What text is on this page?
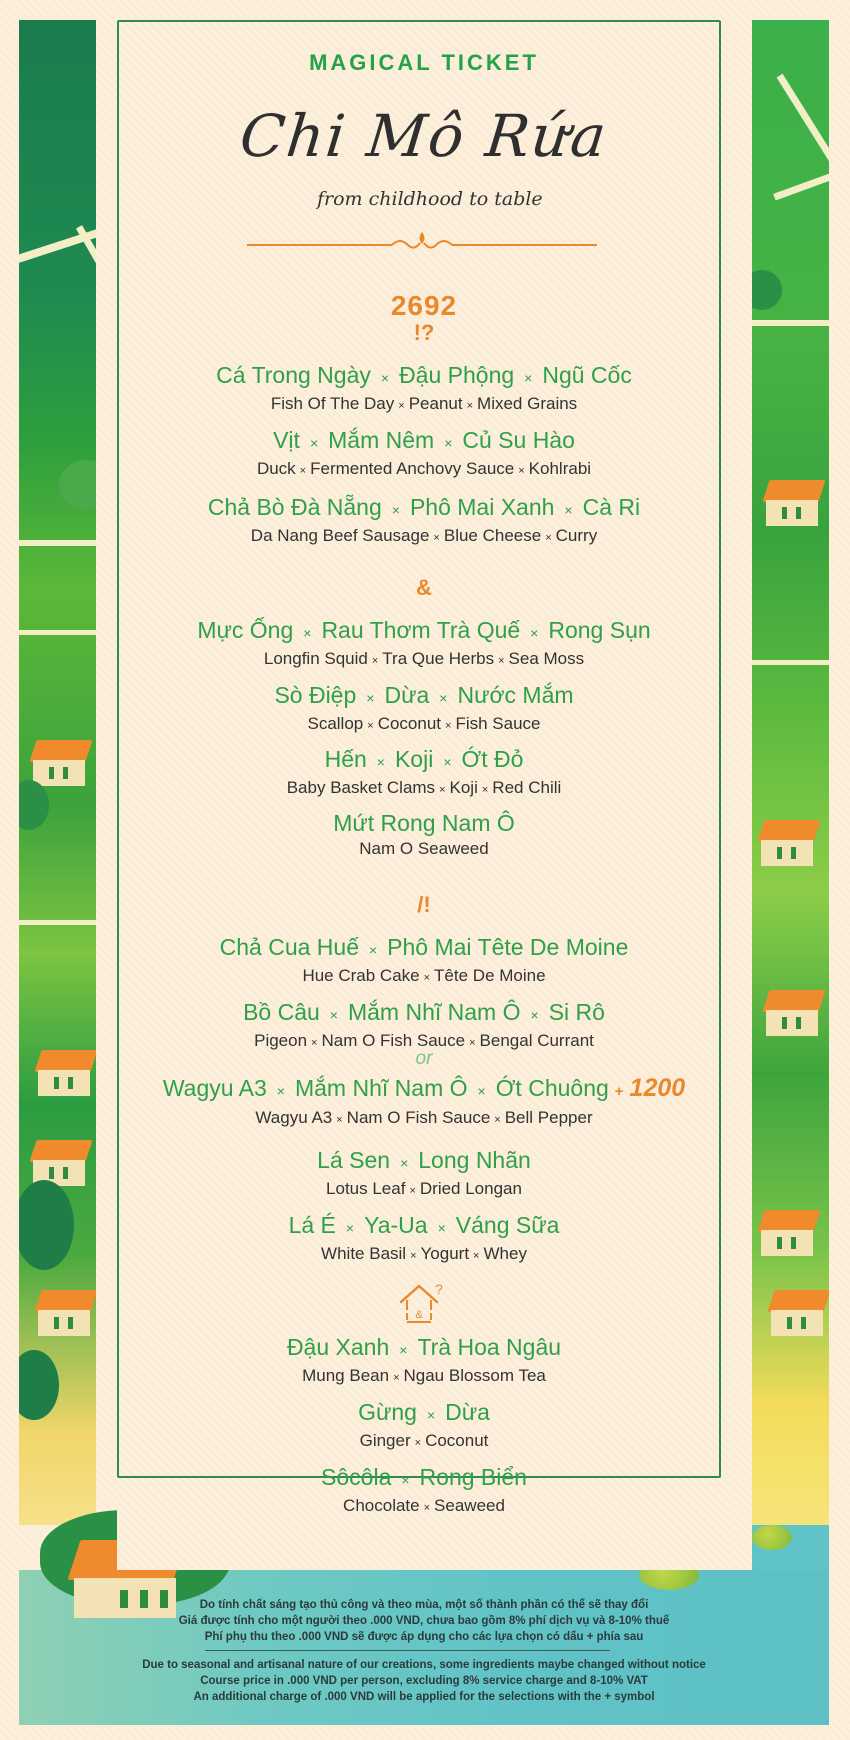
MAGICAL TICKET
Chi Mô Rứa
from childhood to table
2692
!?
Cá Trong Ngày × Đậu Phộng × Ngũ Cốc
Fish Of The Day × Peanut × Mixed Grains
Vịt × Mắm Nêm × Củ Su Hào
Duck × Fermented Anchovy Sauce × Kohlrabi
Chả Bò Đà Nẵng × Phô Mai Xanh × Cà Ri
Da Nang Beef Sausage × Blue Cheese × Curry
&
Mực Ống × Rau Thơm Trà Quế × Rong Sụn
Longfin Squid × Tra Que Herbs × Sea Moss
Sò Điệp × Dừa × Nước Mắm
Scallop × Coconut × Fish Sauce
Hến × Koji × Ớt Đỏ
Baby Basket Clams × Koji × Red Chili
Mứt Rong Nam Ô
Nam O Seaweed
/!
Chả Cua Huế × Phô Mai Tête De Moine
Hue Crab Cake × Tête De Moine
Bồ Câu × Mắm Nhĩ Nam Ô × Si Rô
Pigeon × Nam O Fish Sauce × Bengal Currant
or
Wagyu A3 × Mắm Nhĩ Nam Ô × Ớt Chuông + 1200
Wagyu A3 × Nam O Fish Sauce × Bell Pepper
Lá Sen × Long Nhãn
Lotus Leaf × Dried Longan
Lá É × Ya-Ua × Váng Sữa
White Basil × Yogurt × Whey
&
?
Đậu Xanh × Trà Hoa Ngâu
Mung Bean × Ngau Blossom Tea
Gừng × Dừa
Ginger × Coconut
Sôcôla × Rong Biển
Chocolate × Seaweed
Do tính chất sáng tạo thủ công và theo mùa, một số thành phần có thể sẽ thay đổi
Giá được tính cho một người theo .000 VND, chưa bao gồm 8% phí dịch vụ và 8-10% thuế
Phí phụ thu theo .000 VND sẽ được áp dụng cho các lựa chọn có dấu + phía sau
Due to seasonal and artisanal nature of our creations, some ingredients maybe changed without notice
Course price in .000 VND per person, excluding 8% service charge and 8-10% VAT
An additional charge of .000 VND will be applied for the selections with the + symbol
